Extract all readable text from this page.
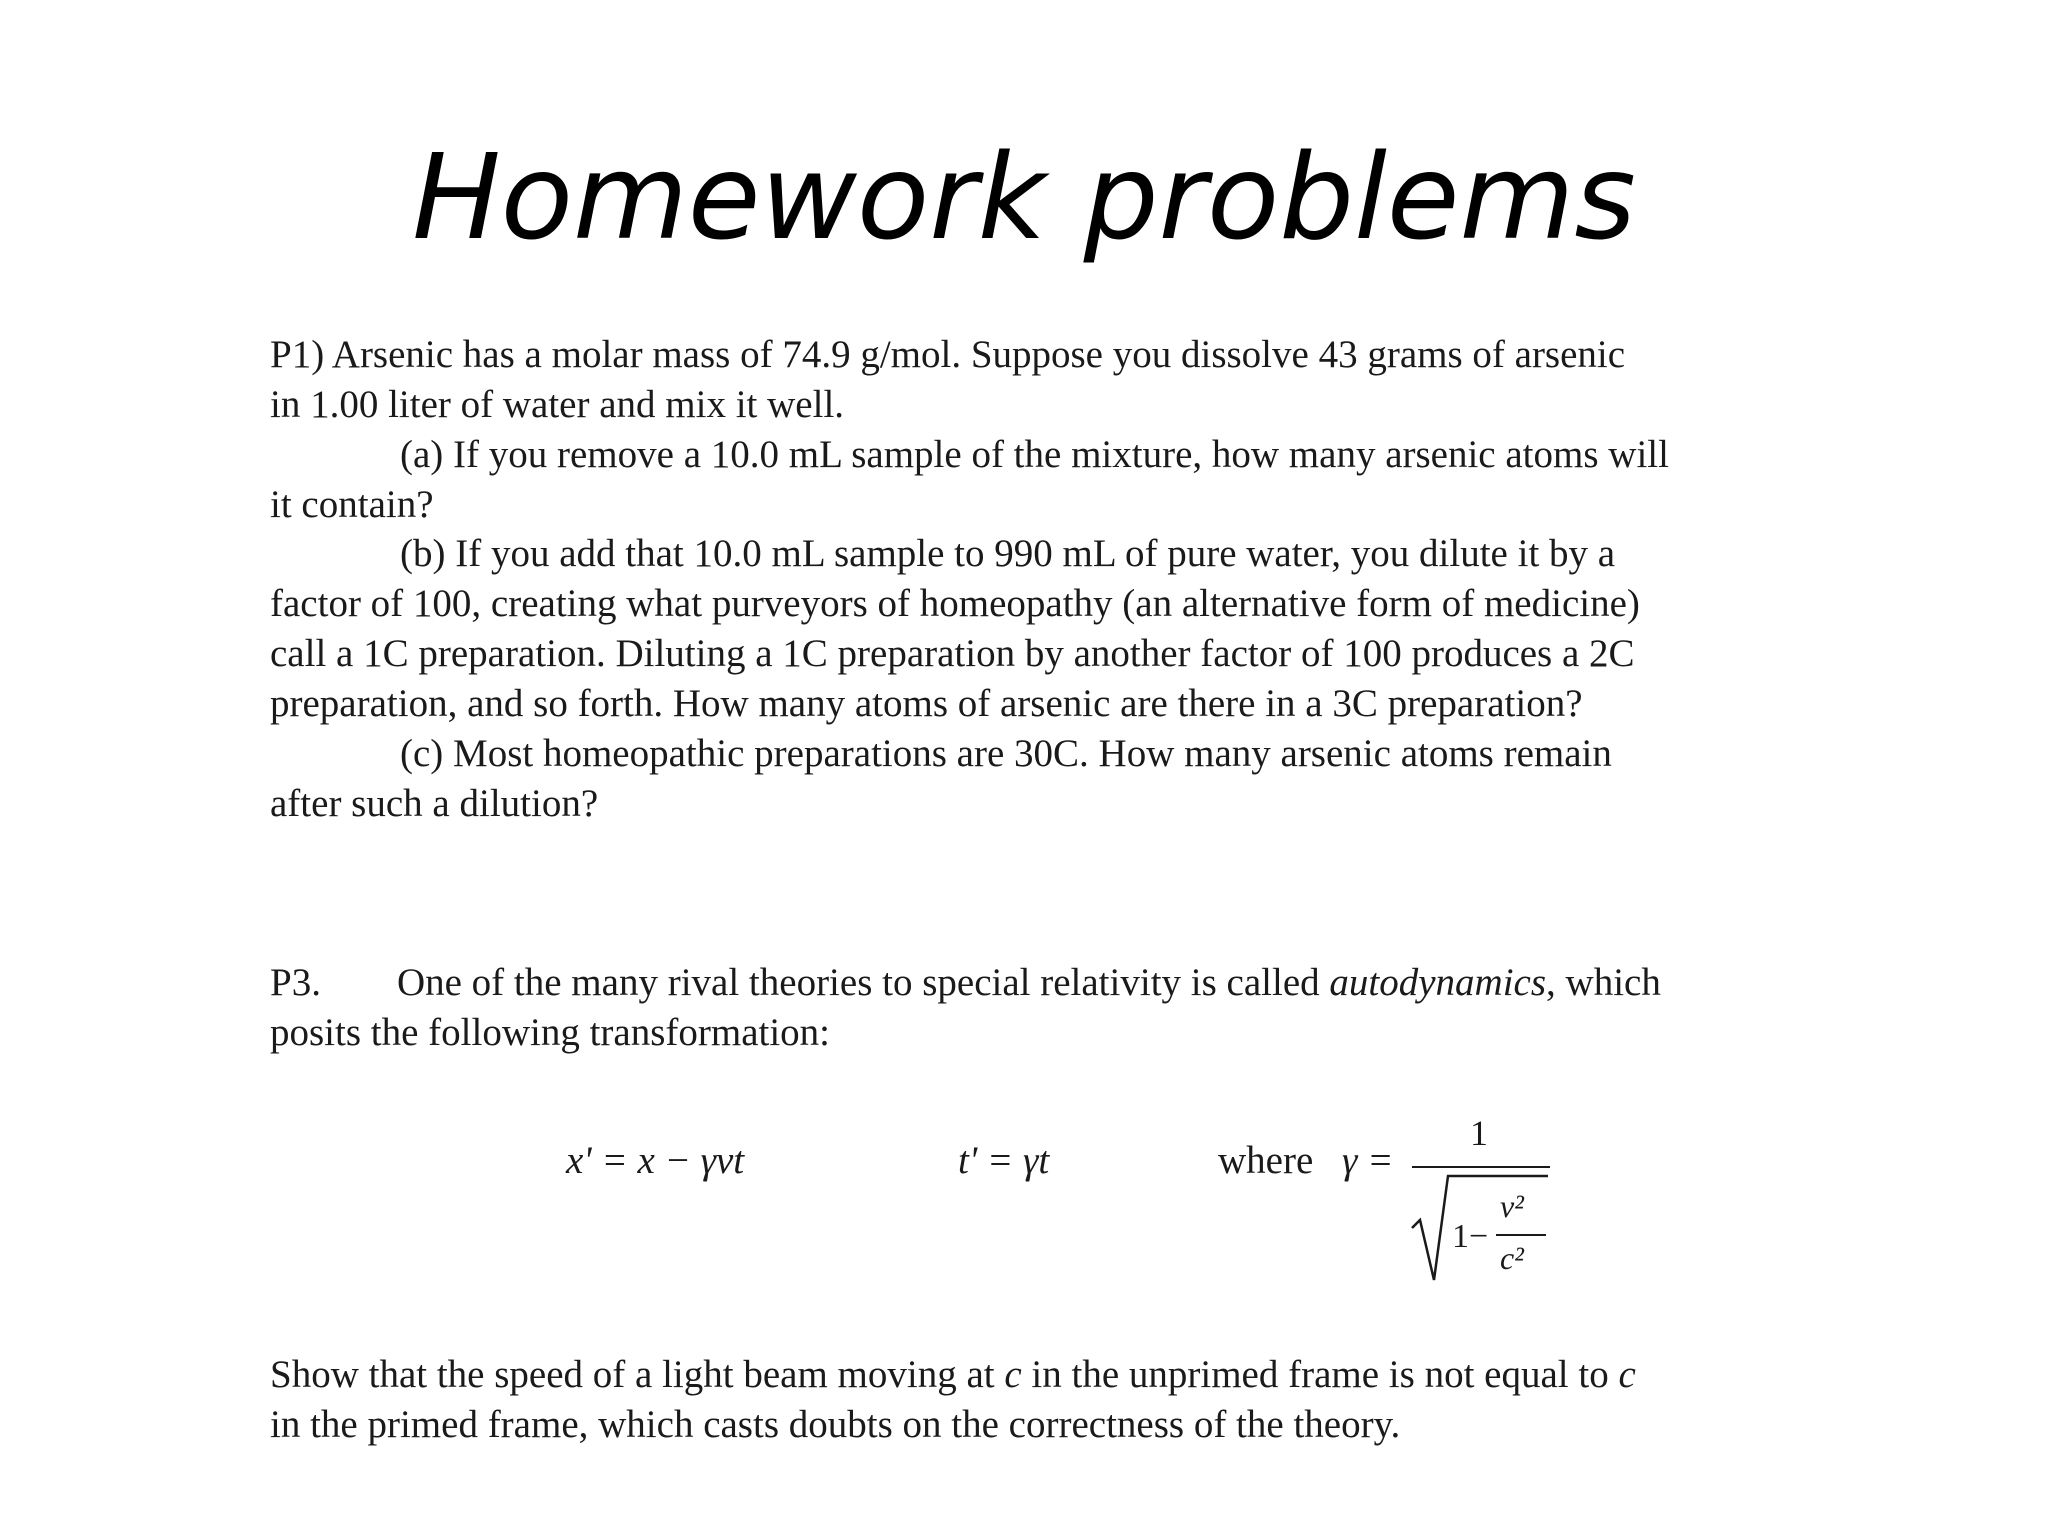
Homework problems
P1) Arsenic has a molar mass of 74.9 g/mol. Suppose you dissolve 43 grams of arsenic
in 1.00 liter of water and mix it well.
(a) If you remove a 10.0 mL sample of the mixture, how many arsenic atoms will
it contain?
(b) If you add that 10.0 mL sample to 990 mL of pure water, you dilute it by a
factor of 100, creating what purveyors of homeopathy (an alternative form of medicine)
call a 1C preparation. Diluting a 1C preparation by another factor of 100 produces a 2C
preparation, and so forth. How many atoms of arsenic are there in a 3C preparation?
(c) Most homeopathic preparations are 30C. How many arsenic atoms remain
after such a dilution?
P3. One of the many rival theories to special relativity is called autodynamics, which
posits the following transformation:
x' = x − γvt	t' = γt	where γ =
1
1−
v²
c²
Show that the speed of a light beam moving at c in the unprimed frame is not equal to c
in the primed frame, which casts doubts on the correctness of the theory.
